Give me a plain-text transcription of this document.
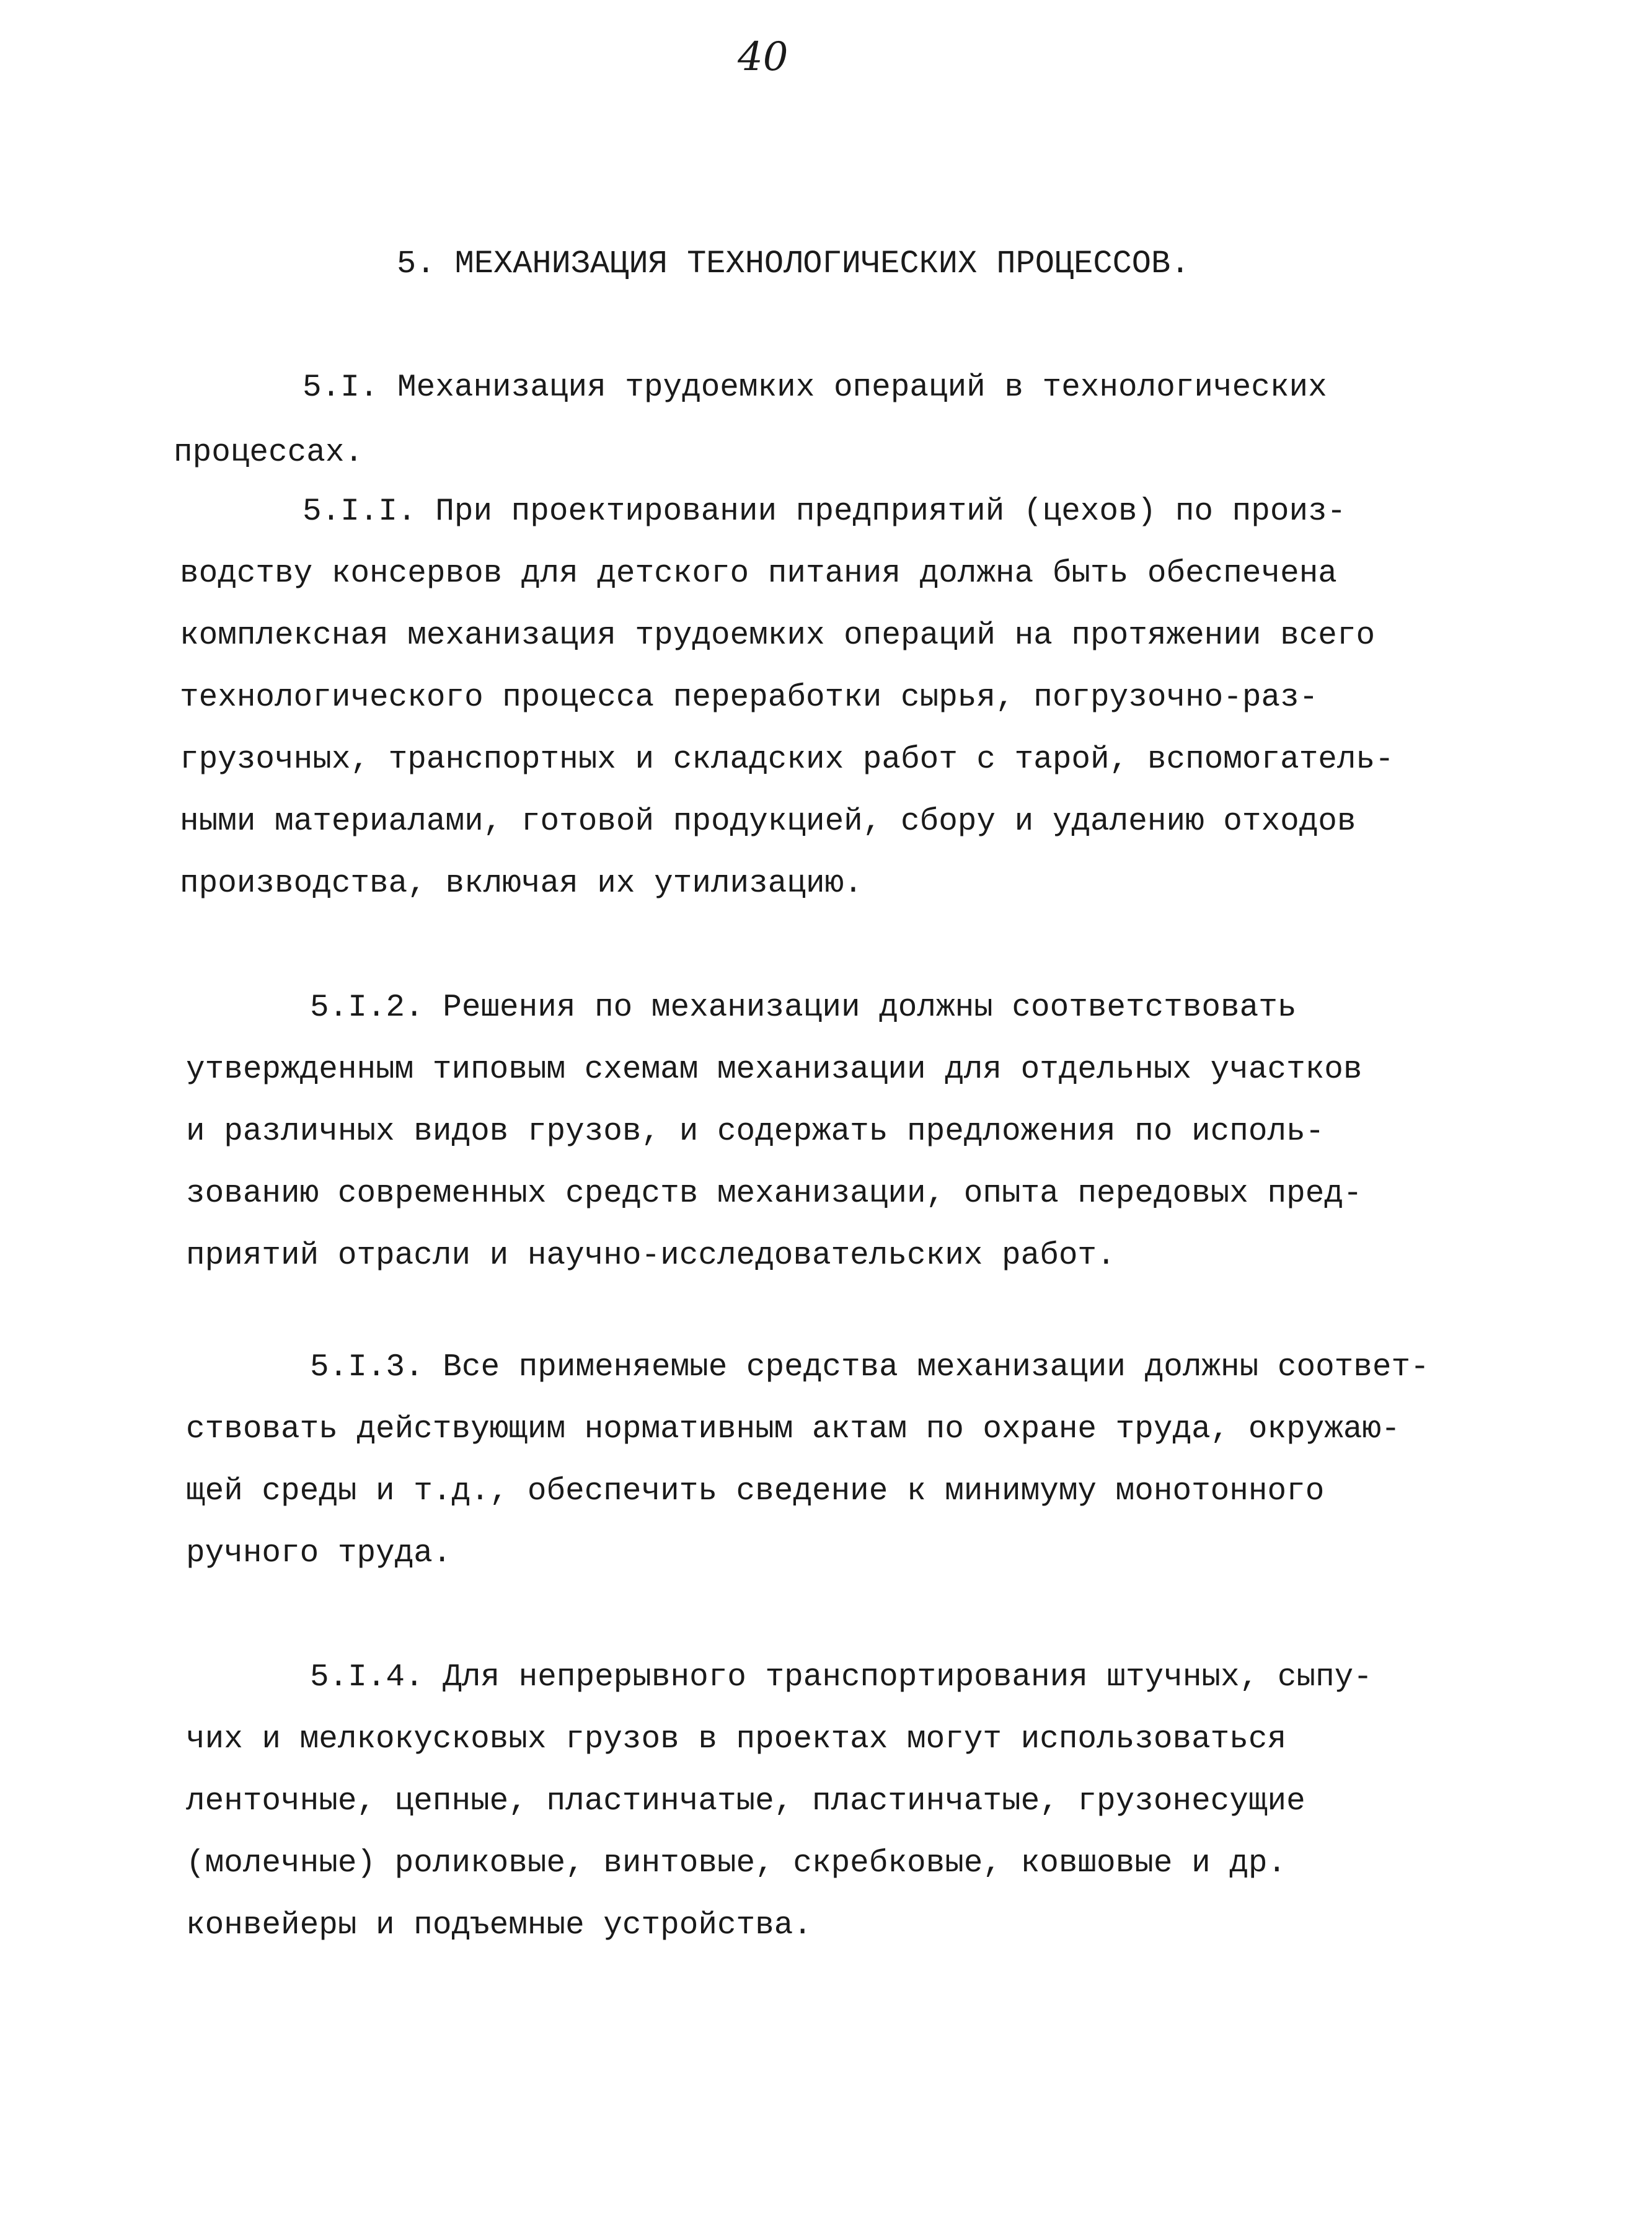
40
5. МЕХАНИЗАЦИЯ ТЕХНОЛОГИЧЕСКИХ ПРОЦЕССОВ.
5.I. Механизация трудоемких операций в технологических
процессах.
5.I.I. При проектировании предприятий (цехов) по произ-
водству консервов для детского питания должна быть обеспечена
комплексная механизация трудоемких операций на протяжении всего
технологического процесса переработки сырья, погрузочно-раз-
грузочных, транспортных и складских работ с тарой, вспомогатель-
ными материалами, готовой продукцией, сбору и удалению отходов
производства, включая их утилизацию.
5.I.2. Решения по механизации должны соответствовать
утвержденным типовым схемам механизации для отдельных участков
и различных видов грузов, и содержать предложения по исполь-
зованию современных средств механизации, опыта передовых пред-
приятий отрасли и научно-исследовательских работ.
5.I.3. Все применяемые средства механизации должны соответ-
ствовать действующим нормативным актам по охране труда, окружаю-
щей среды и т.д., обеспечить сведение к минимуму монотонного
ручного труда.
5.I.4. Для непрерывного транспортирования штучных, сыпу-
чих и мелкокусковых грузов в проектах могут использоваться
ленточные, цепные, пластинчатые, пластинчатые, грузонесущие
(молечные) роликовые, винтовые, скребковые, ковшовые и др.
конвейеры и подъемные устройства.
